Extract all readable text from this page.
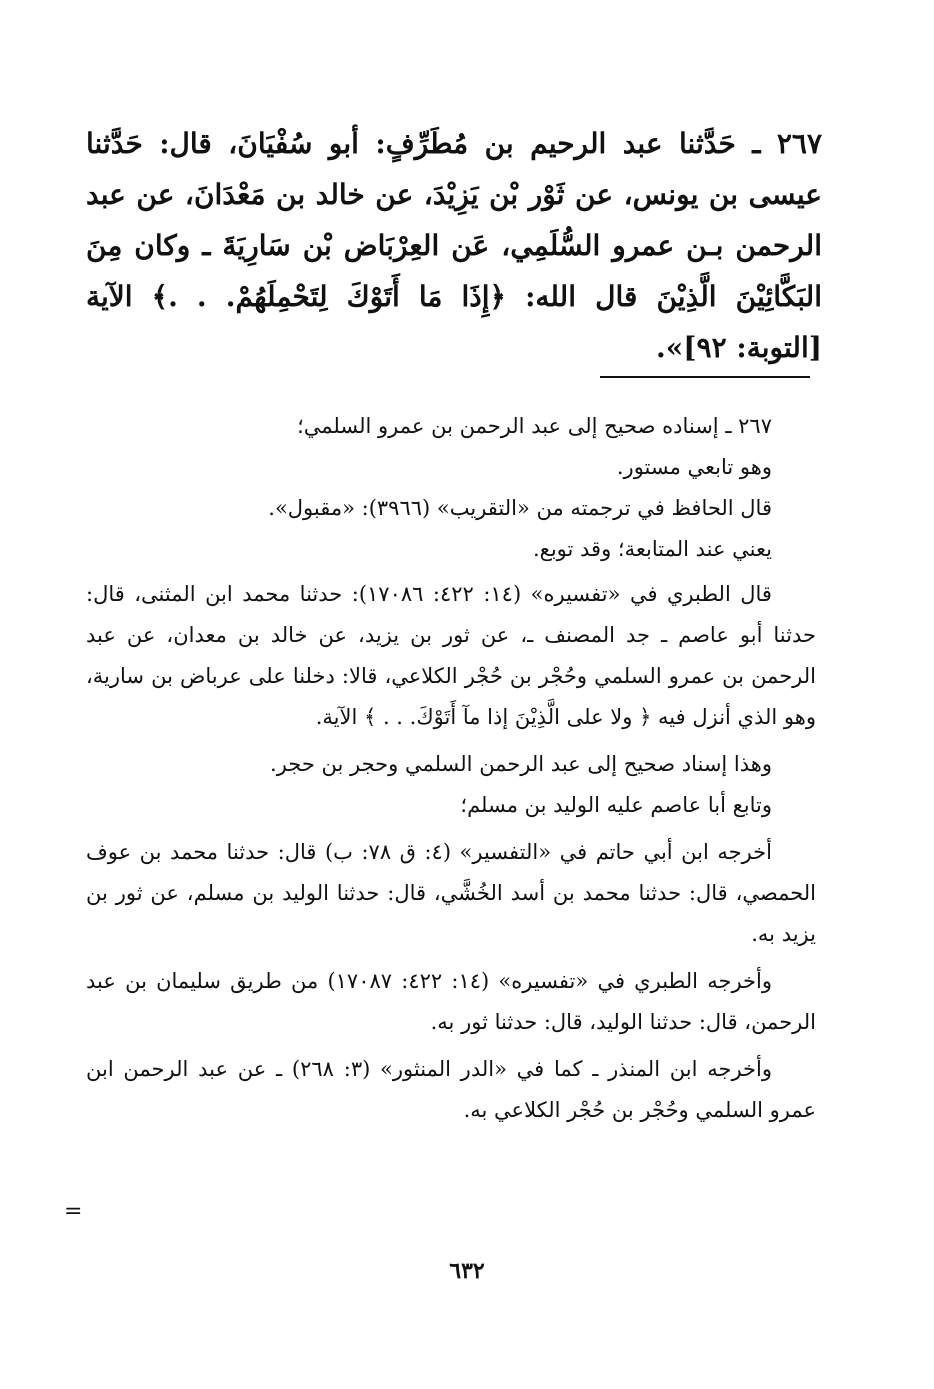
٢٦٧ ـ حَدَّثنا عبد الرحيم بن مُطَرِّفٍ: أبو سُفْيَانَ، قال: حَدَّثنا عيسى بن يونس، عن ثَوْر بْن يَزِيْدَ، عن خالد بن مَعْدَانَ، عن عبد الرحمن بـن عمرو السُّلَمِي، عَن العِرْبَاض بْن سَارِيَةَ ـ وكان مِنَ البَكَّائِيْنَ الَّذِيْنَ قال الله: ﴿إِذَا مَا أَتَوْكَ لِتَحْمِلَهُمْ. . .﴾ الآية [التوبة: ٩٢]».
٢٦٧ ـ إسناده صحيح إلى عبد الرحمن بن عمرو السلمي؛
وهو تابعي مستور.
قال الحافظ في ترجمته من «التقريب» (٣٩٦٦): «مقبول».
يعني عند المتابعة؛ وقد توبع.
قال الطبري في «تفسيره» (١٤: ٤٢٢: ١٧٠٨٦): حدثنا محمد ابن المثنى، قال: حدثنا أبو عاصم ـ جد المصنف ـ، عن ثور بن يزيد، عن خالد بن معدان، عن عبد الرحمن بن عمرو السلمي وحُجْر بن حُجْر الكلاعي، قالا: دخلنا على عرباض بن سارية، وهو الذي أنزل فيه ﴿ ولا على الَّذِيْنَ إذا مآ أَتَوْكَ. . . ﴾ الآية.
وهذا إسناد صحيح إلى عبد الرحمن السلمي وحجر بن حجر.
وتابع أبا عاصم عليه الوليد بن مسلم؛
أخرجه ابن أبي حاتم في «التفسير» (٤: ق ٧٨: ب) قال: حدثنا محمد بن عوف الحمصي، قال: حدثنا محمد بن أسد الخُشَّي، قال: حدثنا الوليد بن مسلم، عن ثور بن يزيد به.
وأخرجه الطبري في «تفسيره» (١٤: ٤٢٢: ١٧٠٨٧) من طريق سليمان بن عبد الرحمن، قال: حدثنا الوليد، قال: حدثنا ثور به.
وأخرجه ابن المنذر ـ كما في «الدر المنثور» (٣: ٢٦٨) ـ عن عبد الرحمن ابن عمرو السلمي وحُجْر بن حُجْر الكلاعي به.
=
٦٣٢
